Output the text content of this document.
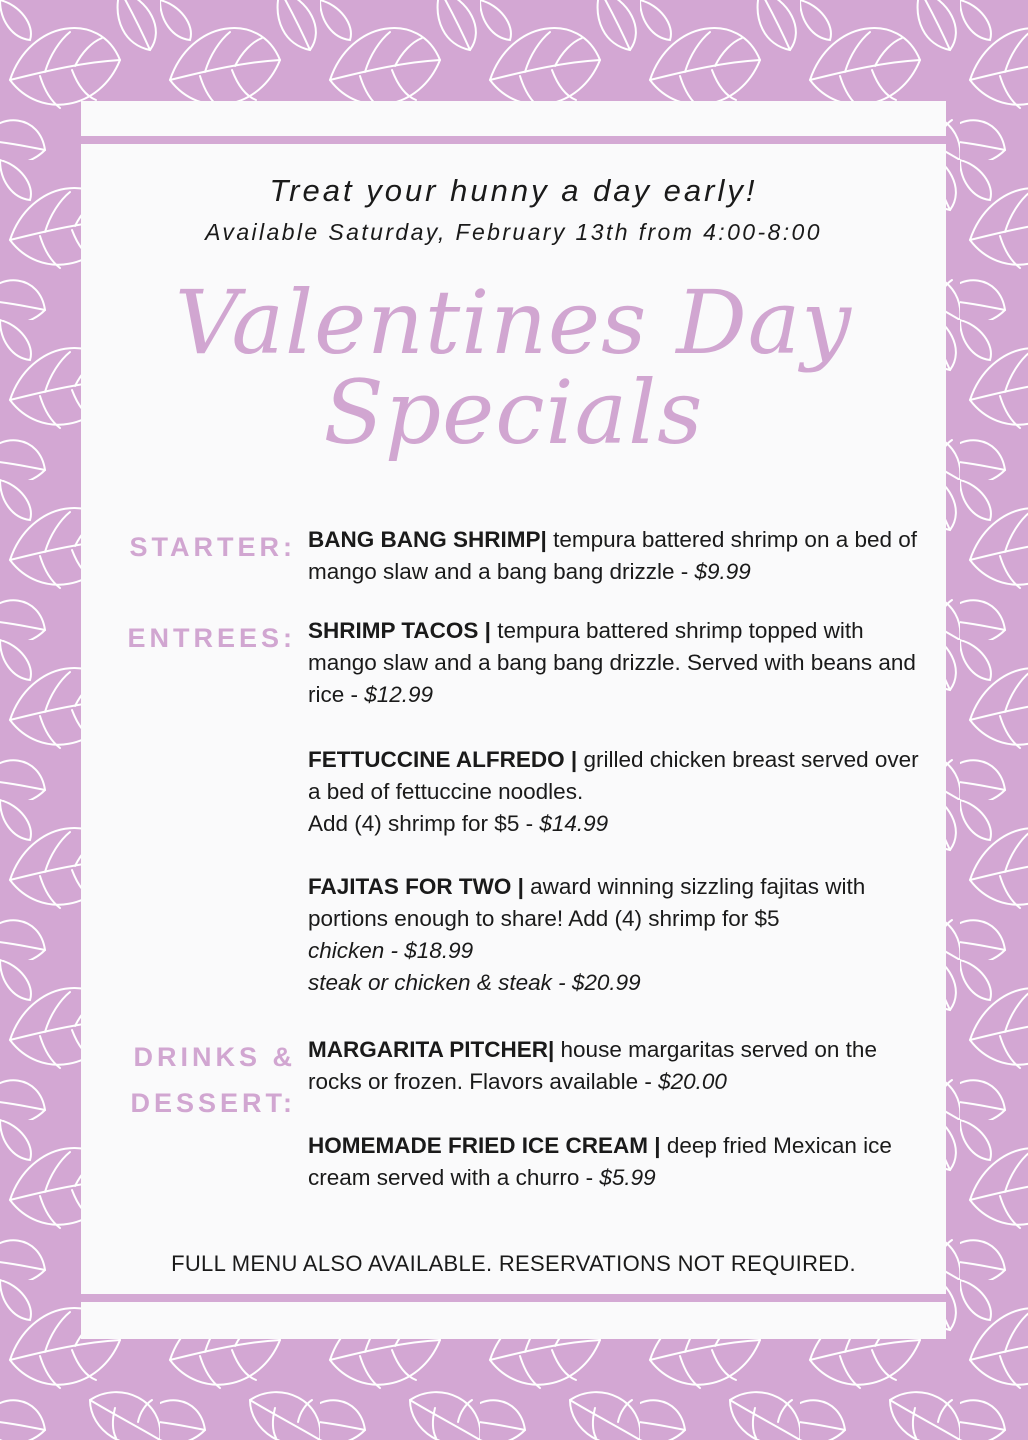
Treat your hunny a day early!
Available Saturday, February 13th from 4:00-8:00
Valentines Day
Specials
STARTER: BANG BANG SHRIMP| tempura battered shrimp on a bed of mango slaw and a bang bang drizzle - $9.99
ENTREES: SHRIMP TACOS | tempura battered shrimp topped with mango slaw and a bang bang drizzle. Served with beans and rice - $12.99
FETTUCCINE ALFREDO | grilled chicken breast served over a bed of fettuccine noodles.
Add (4) shrimp for $5 - $14.99
FAJITAS FOR TWO | award winning sizzling fajitas with portions enough to share! Add (4) shrimp for $5
chicken - $18.99
steak or chicken & steak - $20.99
DRINKS &
DESSERT:
MARGARITA PITCHER| house margaritas served on the rocks or frozen. Flavors available - $20.00
HOMEMADE FRIED ICE CREAM | deep fried Mexican ice cream served with a churro - $5.99
FULL MENU ALSO AVAILABLE. RESERVATIONS NOT REQUIRED.
